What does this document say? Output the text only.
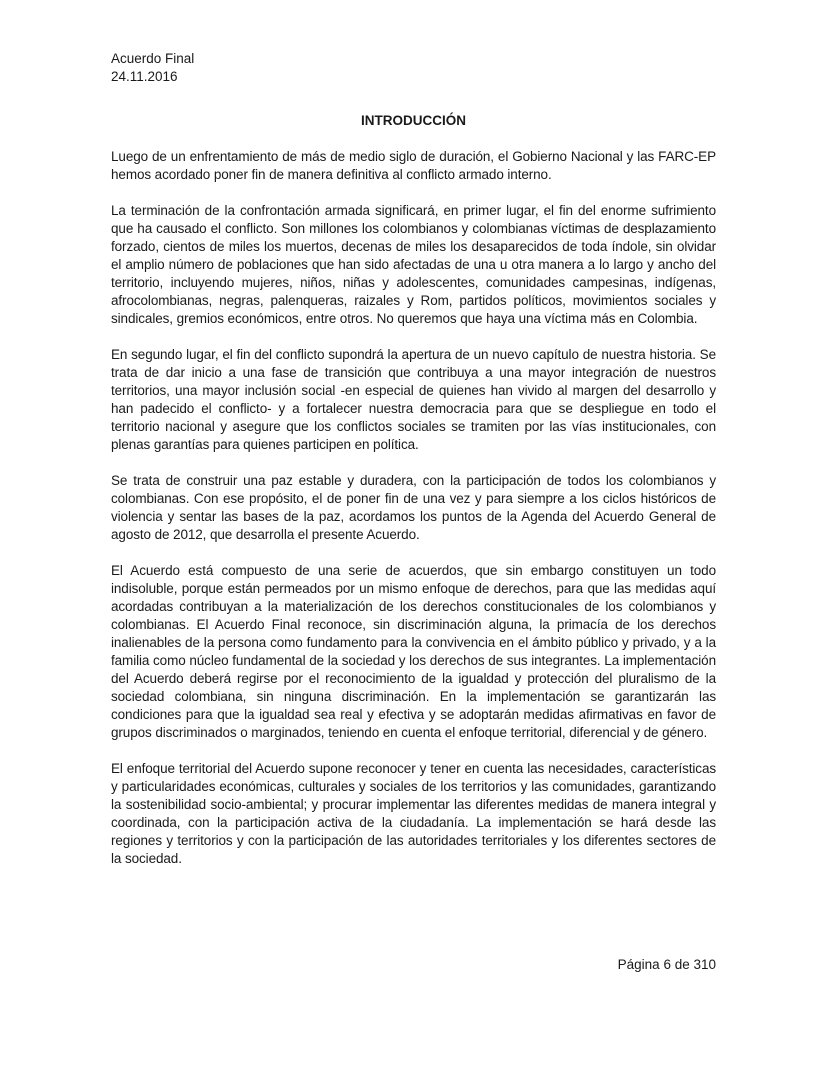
Acuerdo Final
24.11.2016
INTRODUCCIÓN

Luego de un enfrentamiento de más de medio siglo de duración, el Gobierno Nacional y las FARC-EP hemos acordado poner fin de manera definitiva al conflicto armado interno.

La terminación de la confrontación armada significará, en primer lugar, el fin del enorme sufrimiento que ha causado el conflicto. Son millones los colombianos y colombianas víctimas de desplazamiento forzado, cientos de miles los muertos, decenas de miles los desaparecidos de toda índole, sin olvidar el amplio número de poblaciones que han sido afectadas de una u otra manera a lo largo y ancho del territorio, incluyendo mujeres, niños, niñas y adolescentes, comunidades campesinas, indígenas, afrocolombianas, negras, palenqueras, raizales y Rom, partidos políticos, movimientos sociales y sindicales, gremios económicos, entre otros. No queremos que haya una víctima más en Colombia.

En segundo lugar, el fin del conflicto supondrá la apertura de un nuevo capítulo de nuestra historia. Se trata de dar inicio a una fase de transición que contribuya a una mayor integración de nuestros territorios, una mayor inclusión social -en especial de quienes han vivido al margen del desarrollo y han padecido el conflicto- y a fortalecer nuestra democracia para que se despliegue en todo el territorio nacional y asegure que los conflictos sociales se tramiten por las vías institucionales, con plenas garantías para quienes participen en política.

Se trata de construir una paz estable y duradera, con la participación de todos los colombianos y colombianas. Con ese propósito, el de poner fin de una vez y para siempre a los ciclos históricos de violencia y sentar las bases de la paz, acordamos los puntos de la Agenda del Acuerdo General de agosto de 2012, que desarrolla el presente Acuerdo.

El Acuerdo está compuesto de una serie de acuerdos, que sin embargo constituyen un todo indisoluble, porque están permeados por un mismo enfoque de derechos, para que las medidas aquí acordadas contribuyan a la materialización de los derechos constitucionales de los colombianos y colombianas. El Acuerdo Final reconoce, sin discriminación alguna, la primacía de los derechos inalienables de la persona como fundamento para la convivencia en el ámbito público y privado, y a la familia como núcleo fundamental de la sociedad y los derechos de sus integrantes. La implementación del Acuerdo deberá regirse por el reconocimiento de la igualdad y protección del pluralismo de la sociedad colombiana, sin ninguna discriminación. En la implementación se garantizarán las condiciones para que la igualdad sea real y efectiva y se adoptarán medidas afirmativas en favor de grupos discriminados o marginados, teniendo en cuenta el enfoque territorial, diferencial y de género.

El enfoque territorial del Acuerdo supone reconocer y tener en cuenta las necesidades, características y particularidades económicas, culturales y sociales de los territorios y las comunidades, garantizando la sostenibilidad socio-ambiental; y procurar implementar las diferentes medidas de manera integral y coordinada, con la participación activa de la ciudadanía. La implementación se hará desde las regiones y territorios y con la participación de las autoridades territoriales y los diferentes sectores de la sociedad.

Página 6 de 310
